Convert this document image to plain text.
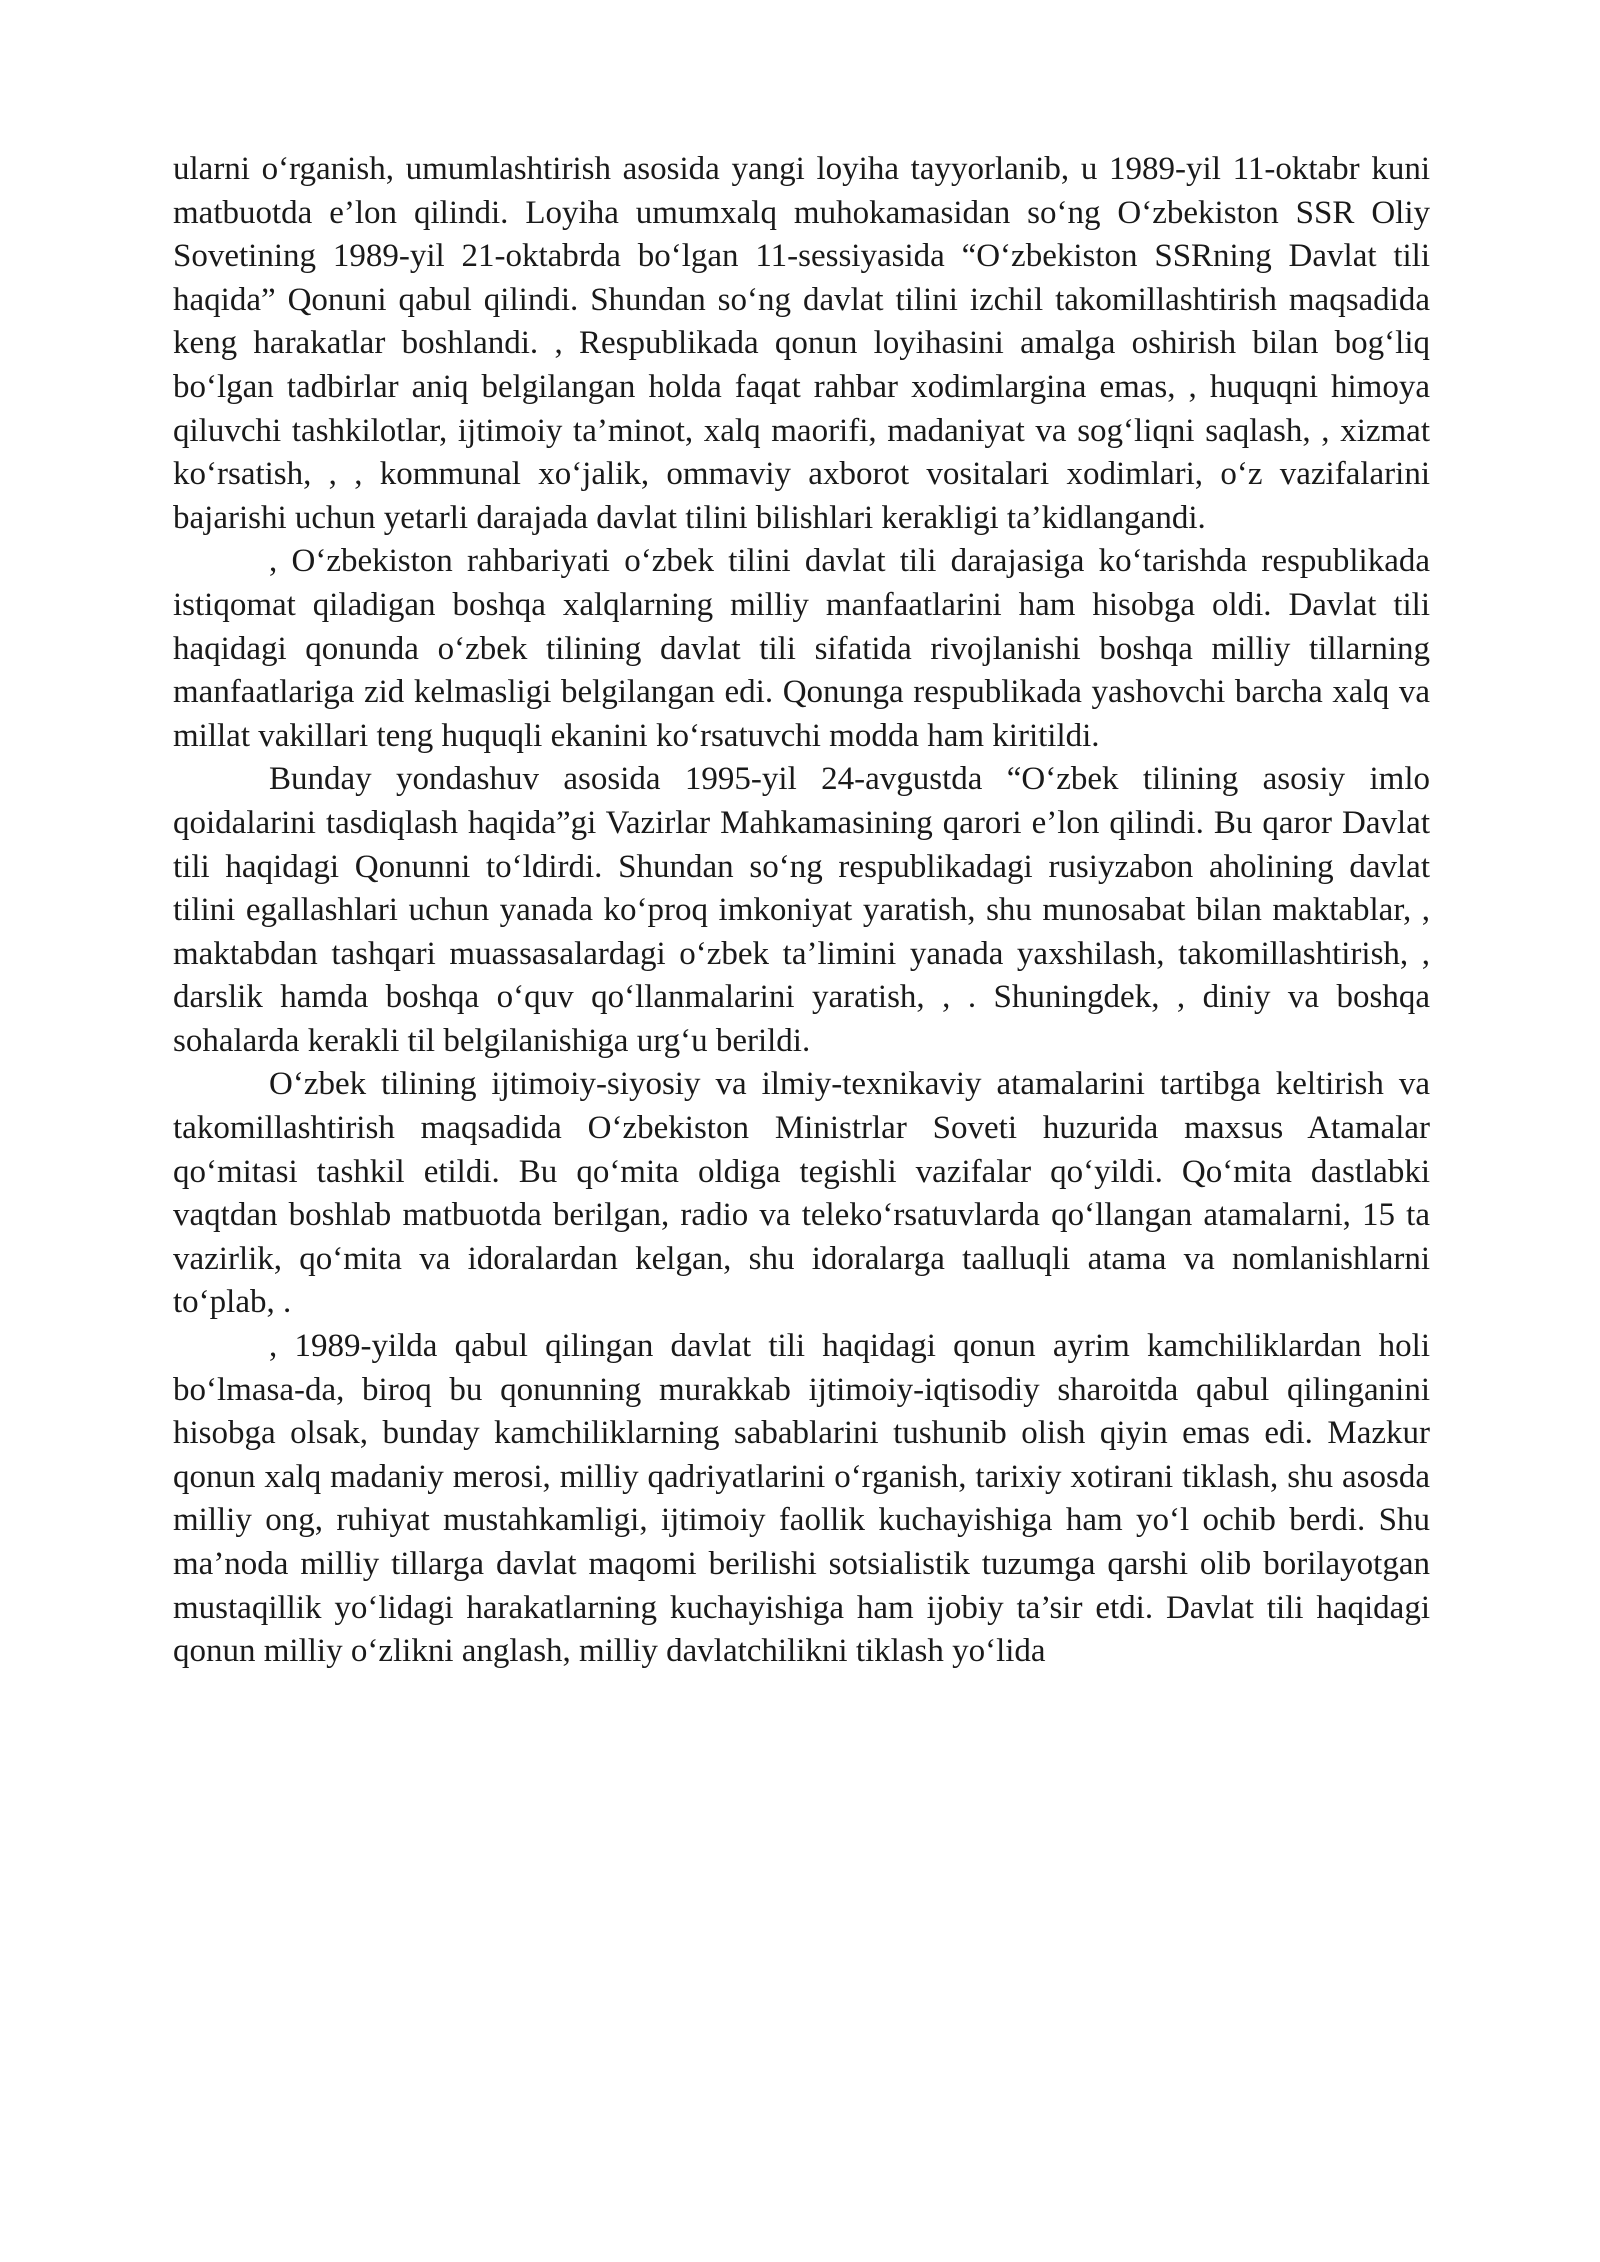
ularni o‘rganish, umumlashtirish asosida yangi loyiha tayyorlanib, u 1989-yil 11-oktabr kuni matbuotda e’lon qilindi. Loyiha umumxalq muhokamasidan so‘ng O‘zbekiston SSR Oliy Sovetining 1989-yil 21-oktabrda bo‘lgan 11-sessiyasida “O‘zbekiston SSRning Davlat tili haqida” Qonuni qabul qilindi. Shundan so‘ng davlat tilini izchil takomillashtirish maqsadida keng harakatlar boshlandi. , Respublikada qonun loyihasini amalga oshirish bilan bog‘liq bo‘lgan tadbirlar aniq belgilangan holda faqat rahbar xodimlargina emas, , huquqni himoya qiluvchi tashkilotlar, ijtimoiy ta’minot, xalq maorifi, madaniyat va sog‘liqni saqlash, , xizmat ko‘rsatish, , , kommunal xo‘jalik, ommaviy axborot vositalari xodimlari, o‘z vazifalarini bajarishi uchun yetarli darajada davlat tilini bilishlari kerakligi ta’kidlangandi.

, O‘zbekiston rahbariyati o‘zbek tilini davlat tili darajasiga ko‘tarishda respublikada istiqomat qiladigan boshqa xalqlarning milliy manfaatlarini ham hisobga oldi. Davlat tili haqidagi qonunda o‘zbek tilining davlat tili sifatida rivojlanishi boshqa milliy tillarning manfaatlariga zid kelmasligi belgilangan edi. Qonunga respublikada yashovchi barcha xalq va millat vakillari teng huquqli ekanini ko‘rsatuvchi modda ham kiritildi.

Bunday yondashuv asosida 1995-yil 24-avgustda “O‘zbek tilining asosiy imlo qoidalarini tasdiqlash haqida”gi Vazirlar Mahkamasining qarori e’lon qilindi. Bu qaror Davlat tili haqidagi Qonunni to‘ldirdi. Shundan so‘ng respublikadagi rusiyzabon aholining davlat tilini egallashlari uchun yanada ko‘proq imkoniyat yaratish, shu munosabat bilan maktablar, , maktabdan tashqari muassasalardagi o‘zbek ta’limini yanada yaxshilash, takomillashtirish, , darslik hamda boshqa o‘quv qo‘llanmalarini yaratish, , . Shuningdek, , diniy va boshqa sohalarda kerakli til belgilanishiga urg‘u berildi.

O‘zbek tilining ijtimoiy-siyosiy va ilmiy-texnikaviy atamalarini tartibga keltirish va takomillashtirish maqsadida O‘zbekiston Ministrlar Soveti huzurida maxsus Atamalar qo‘mitasi tashkil etildi. Bu qo‘mita oldiga tegishli vazifalar qo‘yildi. Qo‘mita dastlabki vaqtdan boshlab matbuotda berilgan, radio va teleko‘rsatuvlarda qo‘llangan atamalarni, 15 ta vazirlik, qo‘mita va idoralardan kelgan, shu idoralarga taalluqli atama va nomlanishlarni to‘plab, .

, 1989-yilda qabul qilingan davlat tili haqidagi qonun ayrim kamchiliklardan holi bo‘lmasa-da, biroq bu qonunning murakkab ijtimoiy-iqtisodiy sharoitda qabul qilinganini hisobga olsak, bunday kamchiliklarning sabablarini tushunib olish qiyin emas edi. Mazkur qonun xalq madaniy merosi, milliy qadriyatlarini o‘rganish, tarixiy xotirani tiklash, shu asosda milliy ong, ruhiyat mustahkamligi, ijtimoiy faollik kuchayishiga ham yo‘l ochib berdi. Shu ma’noda milliy tillarga davlat maqomi berilishi sotsialistik tuzumga qarshi olib borilayotgan mustaqillik yo‘lidagi harakatlarning kuchayishiga ham ijobiy ta’sir etdi. Davlat tili haqidagi qonun milliy o‘zlikni anglash, milliy davlatchilikni tiklash yo‘lida
